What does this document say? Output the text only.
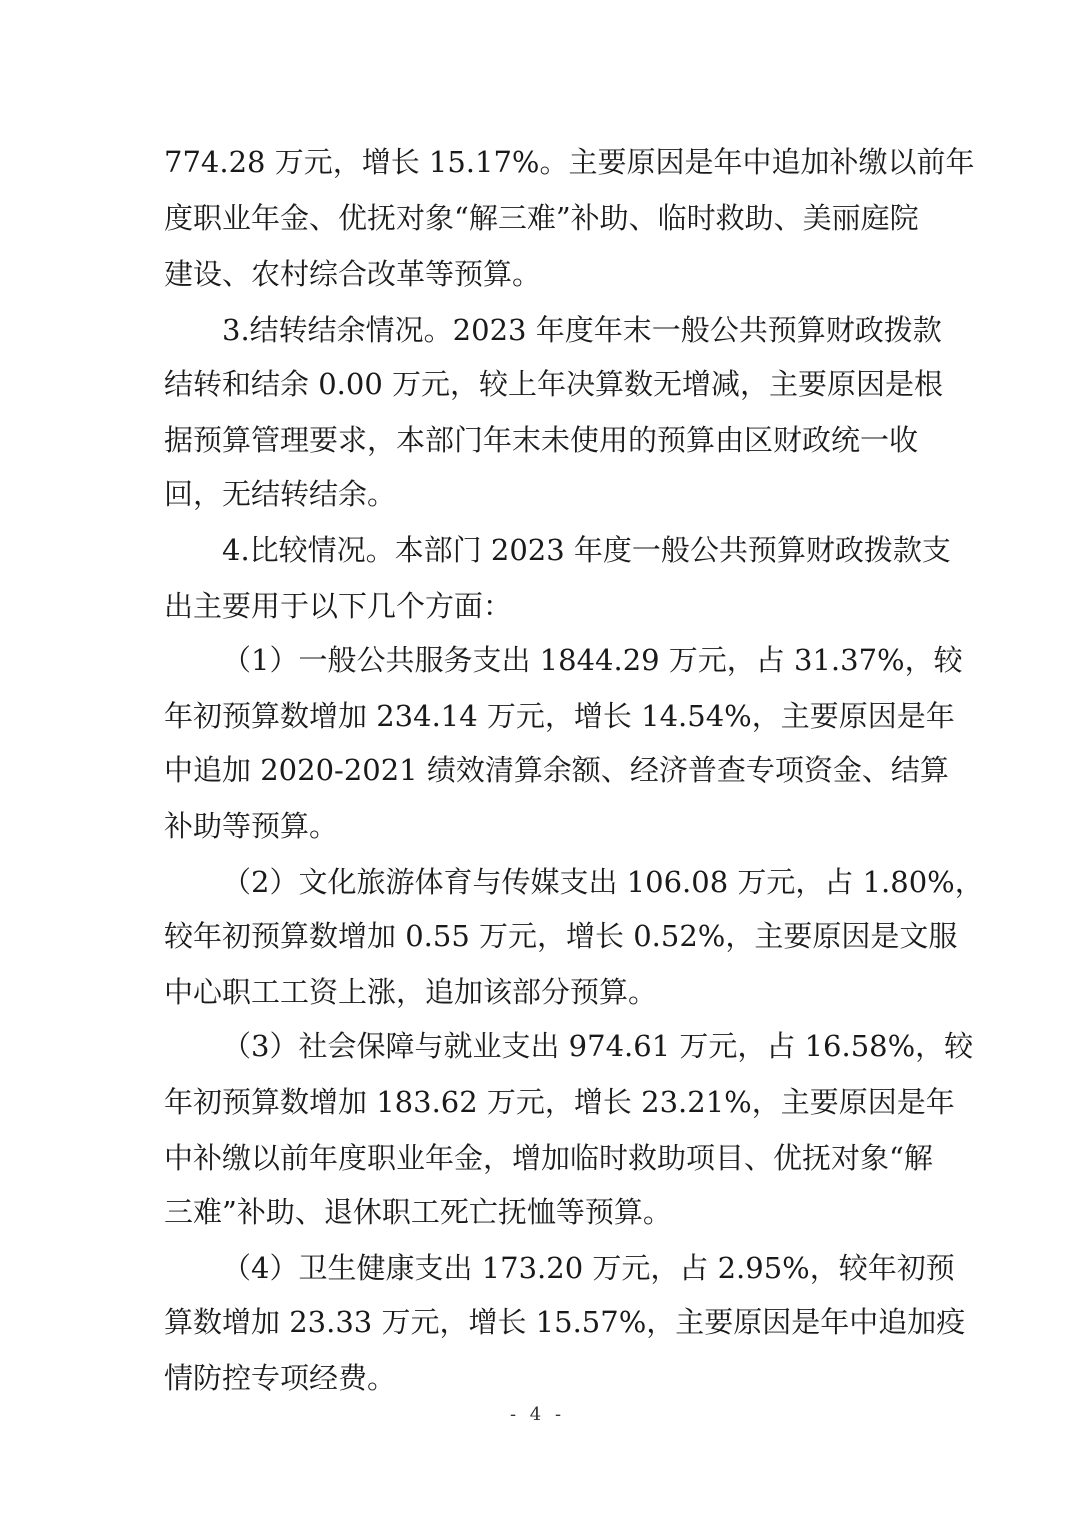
774.28 万元，增长 15.17%。主要原因是年中追加补缴以前年
度职业年金、优抚对象“解三难”补助、临时救助、美丽庭院
建设、农村综合改革等预算。
3.结转结余情况。2023 年度年末一般公共预算财政拨款
结转和结余 0.00 万元，较上年决算数无增减，主要原因是根
据预算管理要求，本部门年末未使用的预算由区财政统一收
回，无结转结余。
4.比较情况。本部门 2023 年度一般公共预算财政拨款支
出主要用于以下几个方面：
（1）一般公共服务支出 1844.29 万元，占 31.37%，较
年初预算数增加 234.14 万元，增长 14.54%，主要原因是年
中追加 2020-2021 绩效清算余额、经济普查专项资金、结算
补助等预算。
（2）文化旅游体育与传媒支出 106.08 万元，占 1.80%，
较年初预算数增加 0.55 万元，增长 0.52%，主要原因是文服
中心职工工资上涨，追加该部分预算。
（3）社会保障与就业支出 974.61 万元，占 16.58%，较
年初预算数增加 183.62 万元，增长 23.21%，主要原因是年
中补缴以前年度职业年金，增加临时救助项目、优抚对象“解
三难”补助、退休职工死亡抚恤等预算。
（4）卫生健康支出 173.20 万元，占 2.95%，较年初预
算数增加 23.33 万元，增长 15.57%，主要原因是年中追加疫
情防控专项经费。
- 4 -
